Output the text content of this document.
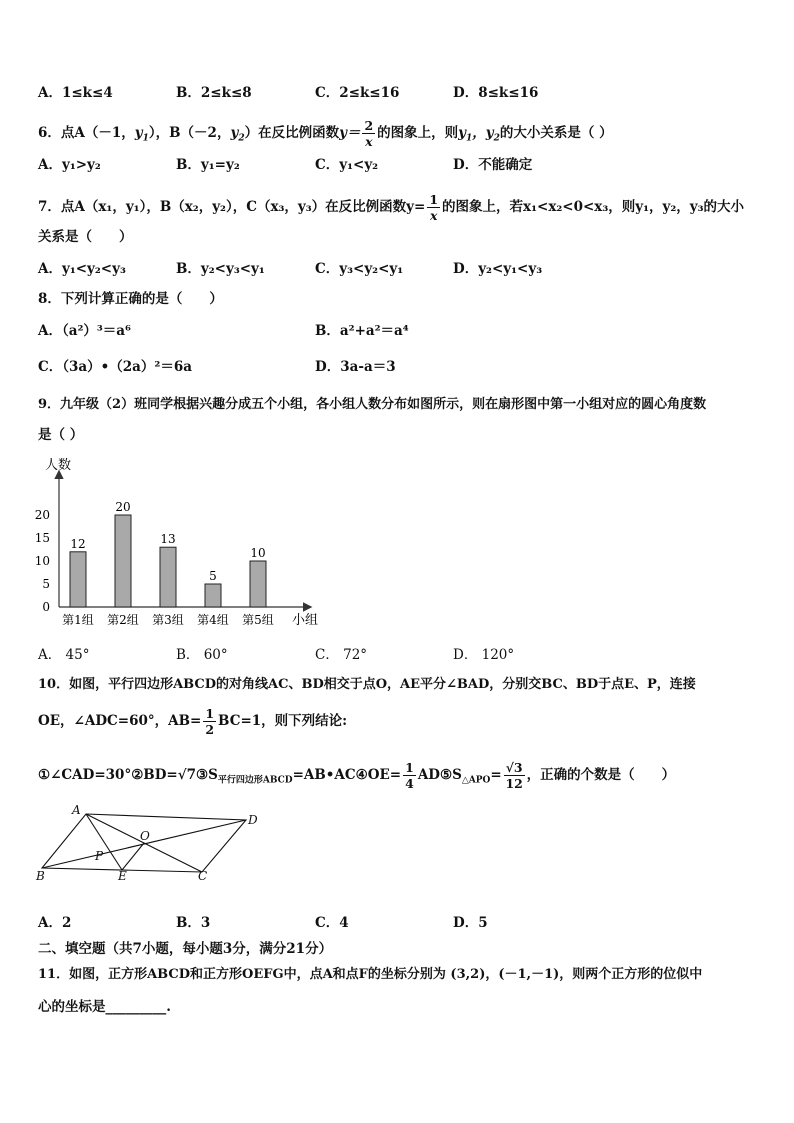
A．1≤k≤4	B．2≤k≤8	C．2≤k≤16	D．8≤k≤16
6．点A（－1，$y_1$），B（－2，$y_2$）在反比例函数$y= \frac{2}{x}$ 的图象上，则$y_1$，$y_2$的大小关系是（ ）
A．y₁>y₂	B．y₁=y₂	C．y₁<y₂	D．不能确定
7．点A（x₁，y₁），B（x₂，y₂），C（x₃，y₃）在反比例函数$y= \frac{1}{x}$ 的图象上，若x₁<x₂<0<x₃，则y₁，y₂，y₃的大小
关系是（　　）
A．y₁<y₂<y₃	B．y₂<y₃<y₁	C．y₃<y₂<y₁	D．y₂<y₁<y₃
8．下列计算正确的是（　　）
A．（a²）³＝a⁶	B．a²+a²＝a⁴
C．（3a）•（2a）²＝6a	D．3a-a＝3
9．九年级（2）班同学根据兴趣分成五个小组，各小组人数分布如图所示，则在扇形图中第一小组对应的圆心角度数
是（ ）
人数
小组
0
5
10
15
20
12
20
13
5
10
第1组 第2组 第3组 第4组 第5组
A． 45°	B． 60°	C． 72°	D． 120°
10．如图，平行四边形ABCD的对角线AC、BD相交于点O，AE平分∠BAD，分别交BC、BD于点E、P，连接
OE，∠ADC=60°，$AB= \frac{1}{2} BC=1$，则下列结论:
$①\angle CAD=30^\circ ②BD=√7③S_{平行四边形ABCD}=AB•AC④OE= \frac{1}{4}$ $AD⑤S_{\triangle APO}= \frac{√3}{12}$ ，正确的个数是（　　）
A
D
O
P
B	E	C
A．2	B．3	C．4	D．5
二、填空题（共7小题，每小题3分，满分21分）
11．如图，正方形ABCD和正方形OEFG中，点A和点F的坐标分别为 (3,2)，(－1,－1)，则两个正方形的位似中
心的坐标是_________.
